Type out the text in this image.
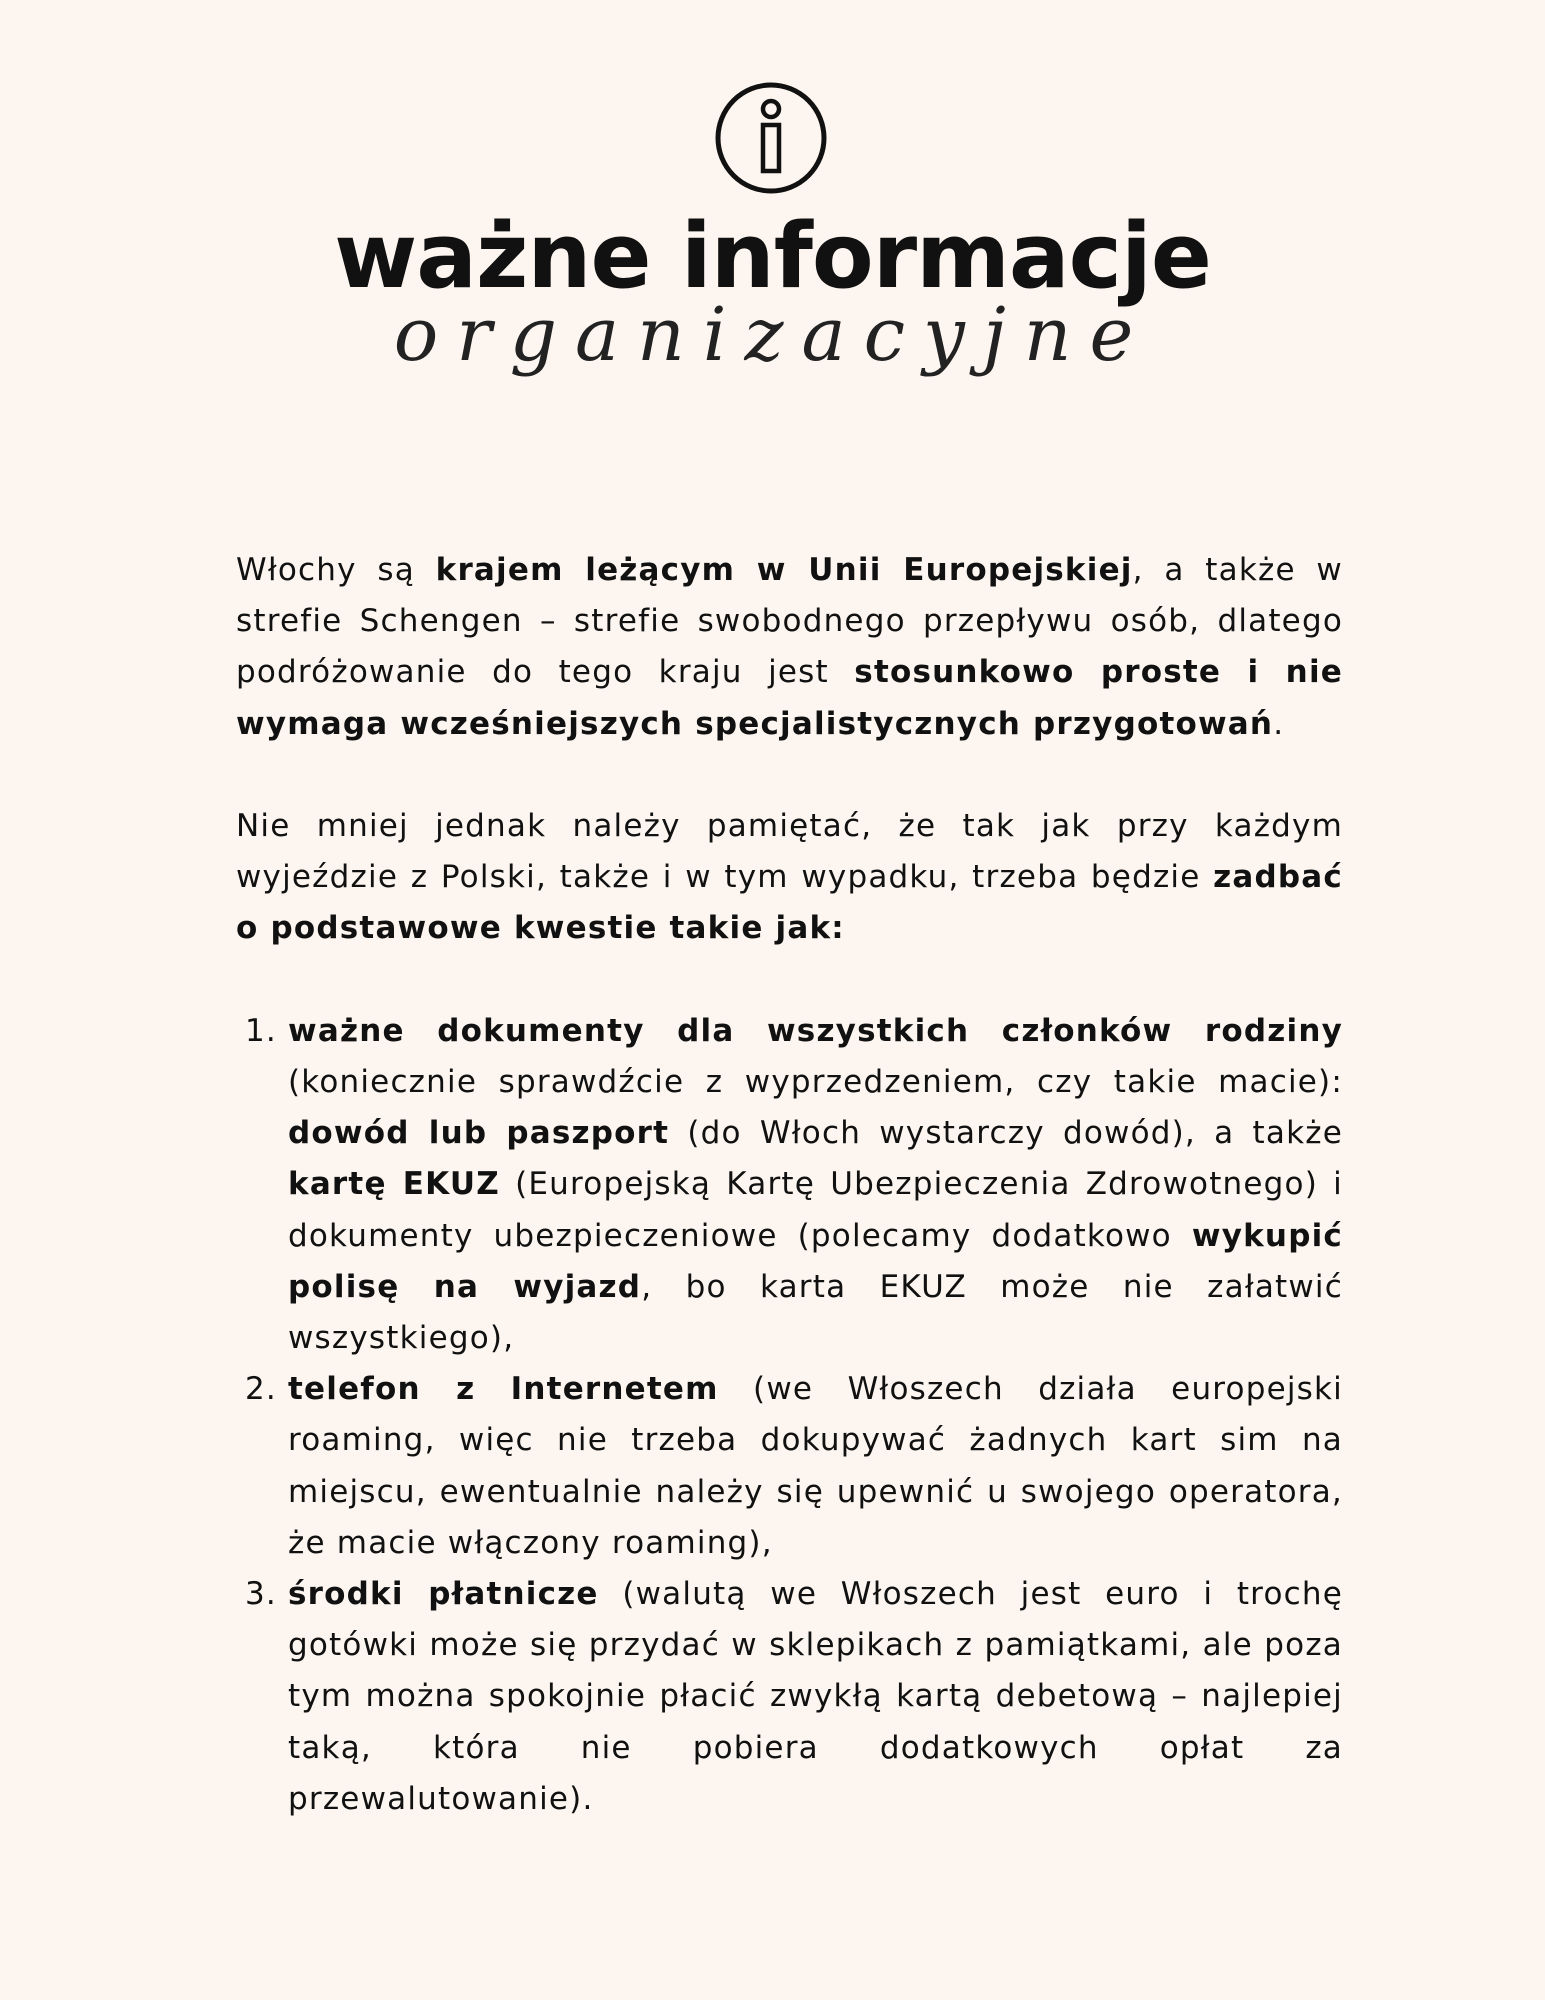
ważne informacje
organizacyjne

Włochy są krajem leżącym w Unii Europejskiej, a także w strefie Schengen – strefie swobodnego przepływu osób, dlatego podróżowanie do tego kraju jest stosunkowo proste i nie wymaga wcześniejszych specjalistycznych przygotowań.

Nie mniej jednak należy pamiętać, że tak jak przy każdym wyjeździe z Polski, także i w tym wypadku, trzeba będzie zadbać o podstawowe kwestie takie jak:

1. ważne dokumenty dla wszystkich członków rodziny (koniecznie sprawdźcie z wyprzedzeniem, czy takie macie): dowód lub paszport (do Włoch wystarczy dowód), a także kartę EKUZ (Europejską Kartę Ubezpieczenia Zdrowotnego) i dokumenty ubezpieczeniowe (polecamy dodatkowo wykupić polisę na wyjazd, bo karta EKUZ może nie załatwić wszystkiego),
2. telefon z Internetem (we Włoszech działa europejski roaming, więc nie trzeba dokupywać żadnych kart sim na miejscu, ewentualnie należy się upewnić u swojego operatora, że macie włączony roaming),
3. środki płatnicze (walutą we Włoszech jest euro i trochę gotówki może się przydać w sklepikach z pamiątkami, ale poza tym można spokojnie płacić zwykłą kartą debetową – najlepiej taką, która nie pobiera dodatkowych opłat za przewalutowanie).
